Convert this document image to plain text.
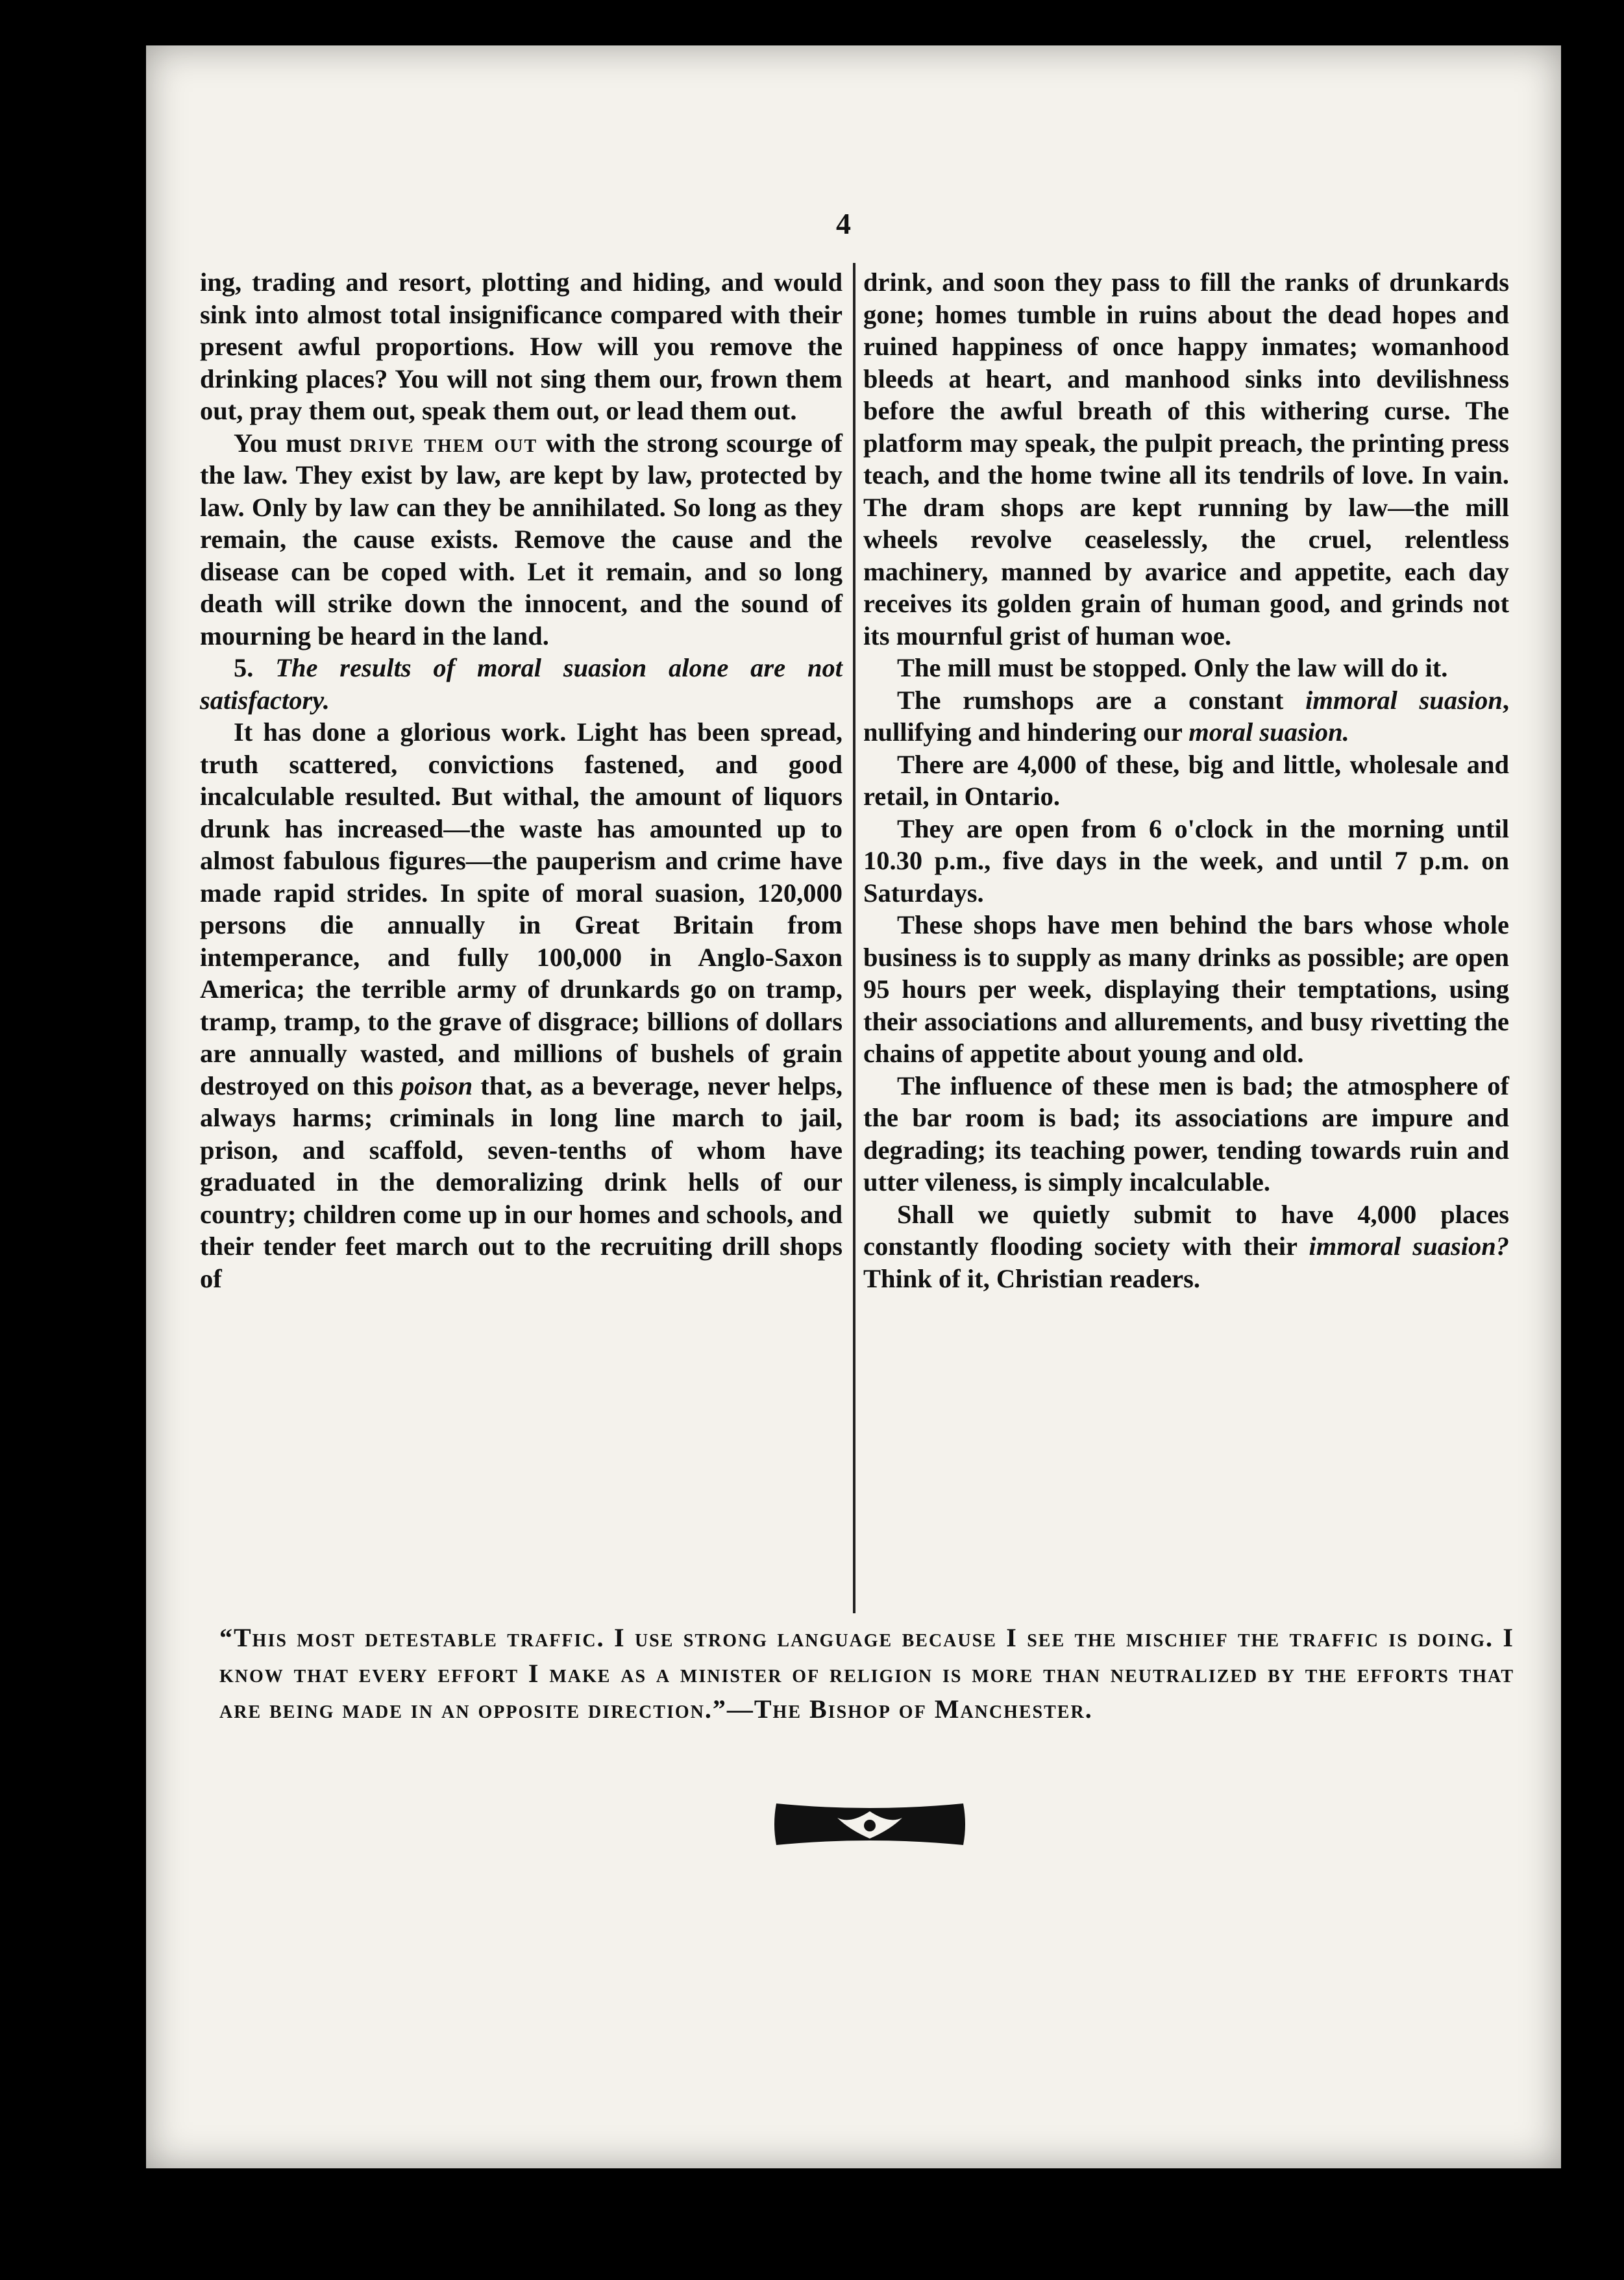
4

ing, trading and resort, plotting and hiding, and would sink into almost total insignificance compared with their present awful proportions. How will you remove the drinking places? You will not sing them our, frown them out, pray them out, speak them out, or lead them out.

You must drive them out with the strong scourge of the law. They exist by law, are kept by law, protected by law. Only by law can they be annihilated. So long as they remain, the cause exists. Remove the cause and the disease can be coped with. Let it remain, and so long death will strike down the innocent, and the sound of mourning be heard in the land.

5. The results of moral suasion alone are not satisfactory.

It has done a glorious work. Light has been spread, truth scattered, convictions fastened, and good incalculable resulted. But withal, the amount of liquors drunk has increased—the waste has amounted up to almost fabulous figures—the pauperism and crime have made rapid strides. In spite of moral suasion, 120,000 persons die annually in Great Britain from intemperance, and fully 100,000 in Anglo-Saxon America; the terrible army of drunkards go on tramp, tramp, tramp, to the grave of disgrace; billions of dollars are annually wasted, and millions of bushels of grain destroyed on this poison that, as a beverage, never helps, always harms; criminals in long line march to jail, prison, and scaffold, seven-tenths of whom have graduated in the demoralizing drink hells of our country; children come up in our homes and schools, and their tender feet march out to the recruiting drill shops of

drink, and soon they pass to fill the ranks of drunkards gone; homes tumble in ruins about the dead hopes and ruined happiness of once happy inmates; womanhood bleeds at heart, and manhood sinks into devilishness before the awful breath of this withering curse. The platform may speak, the pulpit preach, the printing press teach, and the home twine all its tendrils of love. In vain. The dram shops are kept running by law—the mill wheels revolve ceaselessly, the cruel, relentless machinery, manned by avarice and appetite, each day receives its golden grain of human good, and grinds not its mournful grist of human woe.

The mill must be stopped. Only the law will do it.

The rumshops are a constant immoral suasion, nullifying and hindering our moral suasion.

There are 4,000 of these, big and little, wholesale and retail, in Ontario.

They are open from 6 o'clock in the morning until 10.30 p.m., five days in the week, and until 7 p.m. on Saturdays.

These shops have men behind the bars whose whole business is to supply as many drinks as possible; are open 95 hours per week, displaying their temptations, using their associations and allurements, and busy rivetting the chains of appetite about young and old.

The influence of these men is bad; the atmosphere of the bar room is bad; its associations are impure and degrading; its teaching power, tending towards ruin and utter vileness, is simply incalculable.

Shall we quietly submit to have 4,000 places constantly flooding society with their immoral suasion? Think of it, Christian readers.

“This most detestable traffic. I use strong language because I see the mischief the traffic is doing. I know that every effort I make as a minister of religion is more than neutralized by the efforts that are being made in an opposite direction.”—The Bishop of Manchester.
